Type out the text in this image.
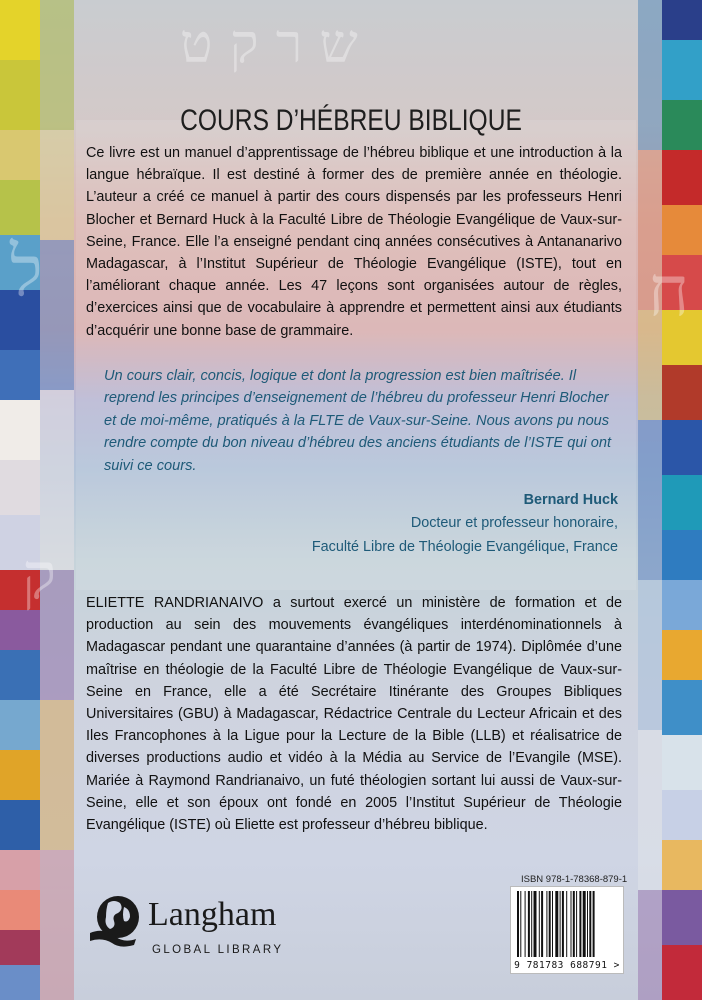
ל
ק
ח
ש ר ק ט
COURS D’HÉBREU BIBLIQUE

Ce livre est un manuel d’apprentissage de l’hébreu biblique et une introduction à la langue hébraïque. Il est destiné à former des de première année en théologie. L’auteur a créé ce manuel à partir des cours dispensés par les professeurs Henri Blocher et Bernard Huck à la Faculté Libre de Théologie Evangélique de Vaux-sur-Seine, France. Elle l’a enseigné pendant cinq années consécutives à Antananarivo Madagascar, à l’Institut Supérieur de Théologie Evangélique (ISTE), tout en l’améliorant chaque année. Les 47 leçons sont organisées autour de règles, d’exercices ainsi que de vocabulaire à apprendre et permettent ainsi aux étudiants d’acquérir une bonne base de grammaire.

Un cours clair, concis, logique et dont la progression est bien maîtrisée. Il reprend les principes d’enseignement de l’hébreu du professeur Henri Blocher et de moi-même, pratiqués à la FLTE de Vaux-sur-Seine. Nous avons pu nous rendre compte du bon niveau d’hébreu des anciens étudiants de l’ISTE qui ont suivi ce cours.

Bernard Huck
Docteur et professeur honoraire,
Faculté Libre de Théologie Evangélique, France

ELIETTE RANDRIANAIVO a surtout exercé un ministère de formation et de production au sein des mouvements évangéliques interdénominationnels à Madagascar pendant une quarantaine d’années (à partir de 1974). Diplômée d’une maîtrise en théologie de la Faculté Libre de Théologie Evangélique de Vaux-sur-Seine en France, elle a été Secrétaire Itinérante des Groupes Bibliques Universitaires (GBU) à Madagascar, Rédactrice Centrale du Lecteur Africain et des Iles Francophones à la Ligue pour la Lecture de la Bible (LLB) et réalisatrice de diverses productions audio et vidéo à la Média au Service de l’Evangile (MSE). Mariée à Raymond Randrianaivo, un futé théologien sortant lui aussi de Vaux-sur-Seine, elle et son époux ont fondé en 2005 l’Institut Supérieur de Théologie Evangélique (ISTE) où Eliette est professeur d’hébreu biblique.

Langham
GLOBAL LIBRARY
ISBN 978-1-78368-879-1
9 781783 688791 >
